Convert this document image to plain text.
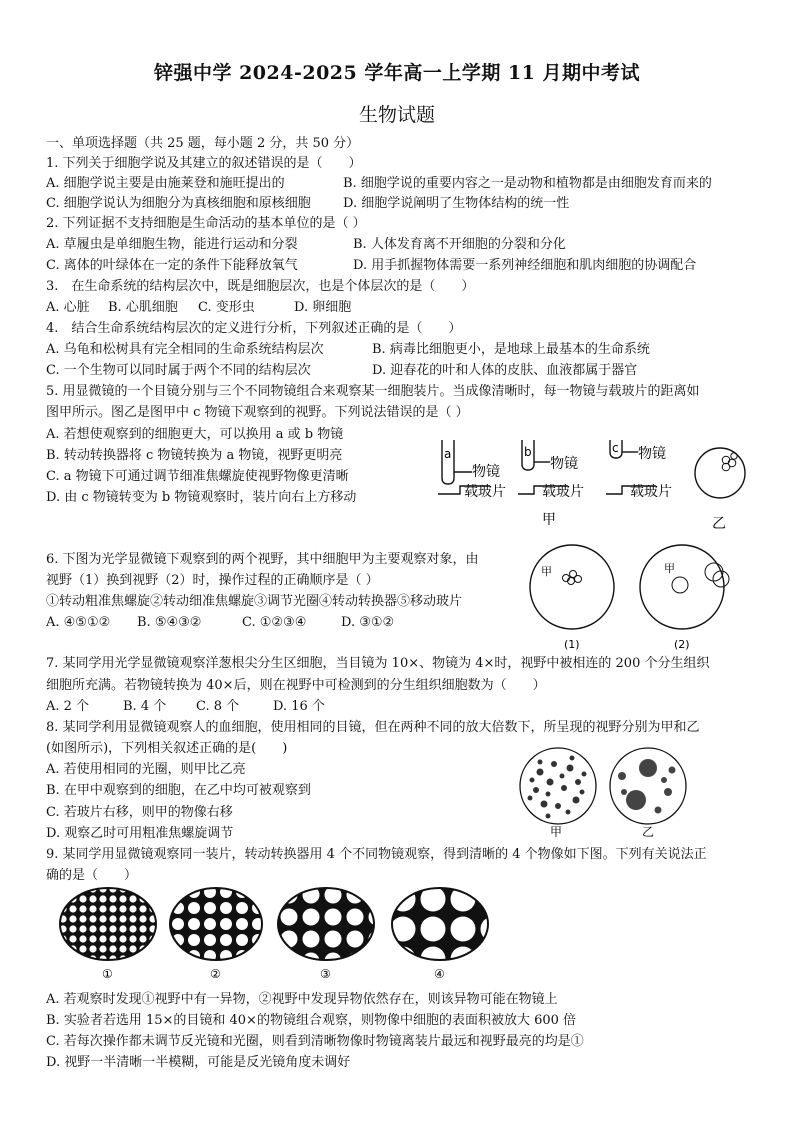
锌强中学 2024-2025 学年高一上学期 11 月期中考试
生物试题
一、单项选择题（共 25 题，每小题 2 分，共 50 分）
1. 下列关于细胞学说及其建立的叙述错误的是（　　）
A. 细胞学说主要是由施莱登和施旺提出的	B. 细胞学说的重要内容之一是动物和植物都是由细胞发育而来的
C. 细胞学说认为细胞分为真核细胞和原核细胞	D. 细胞学说阐明了生物体结构的统一性
2. 下列证据不支持细胞是生命活动的基本单位的是（ ）
A. 草履虫是单细胞生物，能进行运动和分裂	B. 人体发育离不开细胞的分裂和分化
C. 离体的叶绿体在一定的条件下能释放氧气	D. 用手抓握物体需要一系列神经细胞和肌肉细胞的协调配合
3.　在生命系统的结构层次中，既是细胞层次，也是个体层次的是（　　）
A. 心脏	B. 心肌细胞	C. 变形虫	D. 卵细胞
4.　结合生命系统结构层次的定义进行分析，下列叙述正确的是（　　）
A. 乌龟和松树具有完全相同的生命系统结构层次	B. 病毒比细胞更小，是地球上最基本的生命系统
C. 一个生物可以同时属于两个不同的结构层次	D. 迎春花的叶和人体的皮肤、血液都属于器官
5. 用显微镜的一个目镜分别与三个不同物镜组合来观察某一细胞装片。当成像清晰时，每一物镜与载玻片的距离如
图甲所示。图乙是图甲中 c 物镜下观察到的视野。下列说法错误的是（ ）
A. 若想使观察到的细胞更大，可以换用 a 或 b 物镜
B. 转动转换器将 c 物镜转换为 a 物镜，视野更明亮
C. a 物镜下可通过调节细准焦螺旋使视野物像更清晰
D. 由 c 物镜转变为 b 物镜观察时，装片向右上方移动
a	b	c
物镜	物镜
物镜
载玻片	载玻片	载玻片
甲	乙
6. 下图为光学显微镜下观察到的两个视野，其中细胞甲为主要观察对象，由
视野（1）换到视野（2）时，操作过程的正确顺序是（ ）
①转动粗准焦螺旋②转动细准焦螺旋③调节光圈④转动转换器⑤移动玻片
A. ④⑤①②	B. ⑤④③②	C. ①②③④	D. ③①②
甲	甲
(1)	(2)
7. 某同学用光学显微镜观察洋葱根尖分生区细胞，当目镜为 10×、物镜为 4×时，视野中被相连的 200 个分生组织
细胞所充满。若物镜转换为 40×后，则在视野中可检测到的分生组织细胞数为（　　）
A. 2 个	B. 4 个	C. 8 个	D. 16 个
8. 某同学利用显微镜观察人的血细胞，使用相同的目镜，但在两种不同的放大倍数下，所呈现的视野分别为甲和乙
(如图所示)，下列相关叙述正确的是(　　)
A. 若使用相同的光圈，则甲比乙亮
B. 在甲中观察到的细胞，在乙中均可被观察到
C. 若玻片右移，则甲的物像右移
D. 观察乙时可用粗准焦螺旋调节	甲	乙
9. 某同学用显微镜观察同一装片，转动转换器用 4 个不同物镜观察，得到清晰的 4 个物像如下图。下列有关说法正
确的是（　　）
①	②	③	④
A. 若观察时发现①视野中有一异物，②视野中发现异物依然存在，则该异物可能在物镜上
B. 实验者若选用 15×的目镜和 40×的物镜组合观察，则物像中细胞的表面积被放大 600 倍
C. 若每次操作都未调节反光镜和光圈，则看到清晰物像时物镜离装片最远和视野最亮的均是①
D. 视野一半清晰一半模糊，可能是反光镜角度未调好
